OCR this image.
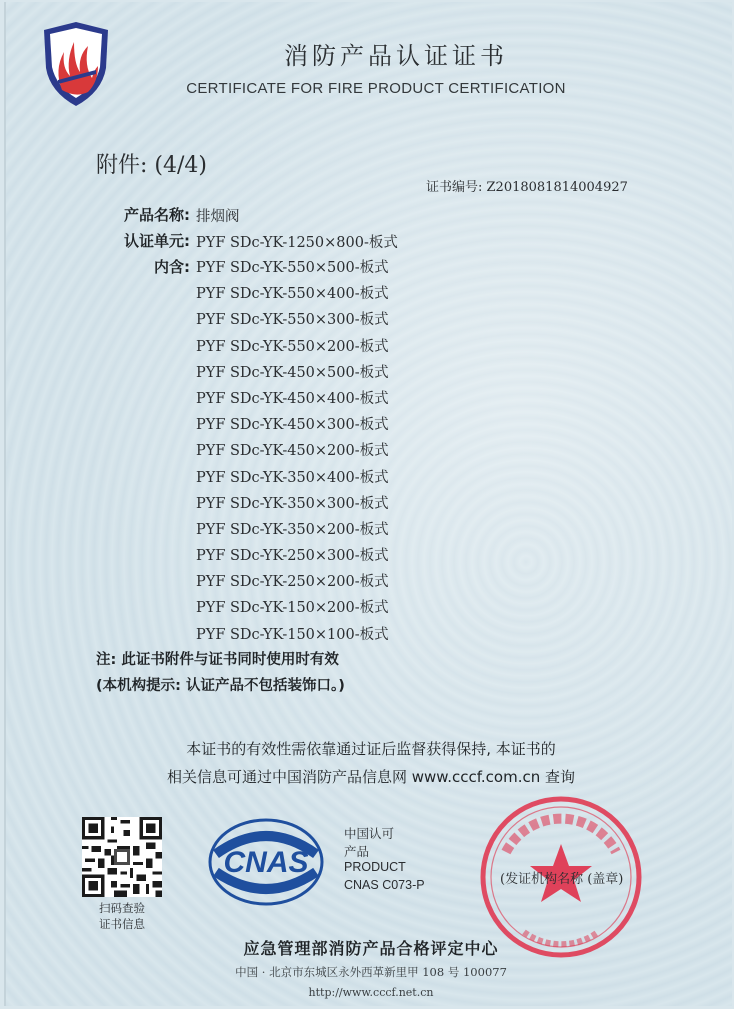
消防产品认证证书
CERTIFICATE FOR FIRE PRODUCT CERTIFICATION
附件: (4/4)
证书编号: Z2018081814004927
产品名称: 排烟阀
认证单元: PYF SDc-YK-1250×800-板式
内含: PYF SDc-YK-550×500-板式
PYF SDc-YK-550×400-板式
PYF SDc-YK-550×300-板式
PYF SDc-YK-550×200-板式
PYF SDc-YK-450×500-板式
PYF SDc-YK-450×400-板式
PYF SDc-YK-450×300-板式
PYF SDc-YK-450×200-板式
PYF SDc-YK-350×400-板式
PYF SDc-YK-350×300-板式
PYF SDc-YK-350×200-板式
PYF SDc-YK-250×300-板式
PYF SDc-YK-250×200-板式
PYF SDc-YK-150×200-板式
PYF SDc-YK-150×100-板式
注: 此证书附件与证书同时使用时有效
(本机构提示: 认证产品不包括装饰口。)
本证书的有效性需依靠通过证后监督获得保持, 本证书的
相关信息可通过中国消防产品信息网 www.cccf.com.cn 查询
扫码查验
证书信息
CNAS
中国认可
产品
PRODUCT
CNAS C073-P	(发证机构名称 (盖章)
应急管理部消防产品合格评定中心
中国 · 北京市东城区永外西革新里甲 108 号 100077
http://www.cccf.net.cn
